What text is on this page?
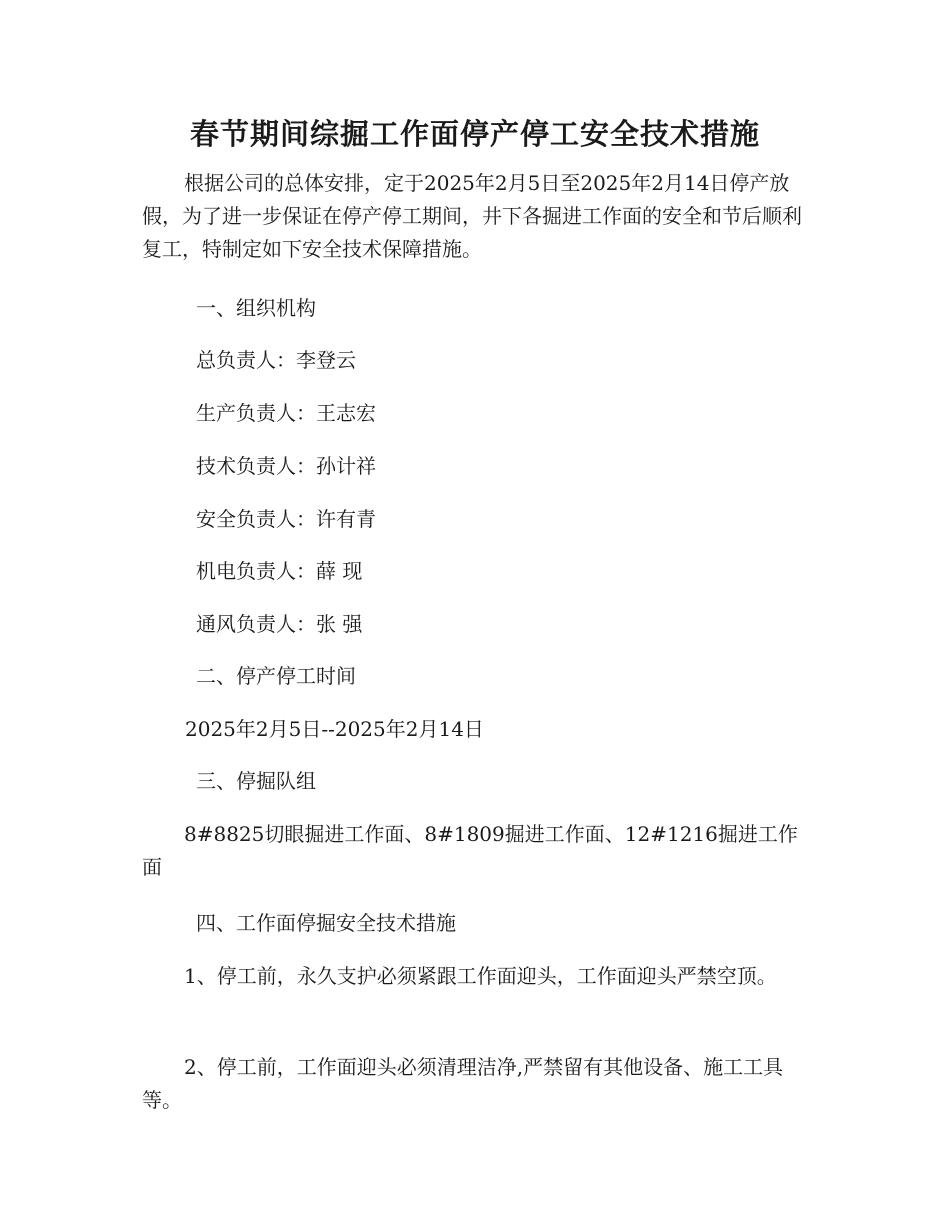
春节期间综掘工作面停产停工安全技术措施

根据公司的总体安排，定于2025年2月5日至2025年2月14日停产放假，为了进一步保证在停产停工期间，井下各掘进工作面的安全和节后顺利复工，特制定如下安全技术保障措施。

一、组织机构

总负责人：李登云

生产负责人：王志宏

技术负责人：孙计祥

安全负责人：许有青

机电负责人：薛 现

通风负责人：张 强

二、停产停工时间

2025年2月5日--2025年2月14日

三、停掘队组

8#8825切眼掘进工作面、8#1809掘进工作面、12#1216掘进工作面

四、工作面停掘安全技术措施

1、停工前，永久支护必须紧跟工作面迎头，工作面迎头严禁空顶。

2、停工前，工作面迎头必须清理洁净,严禁留有其他设备、施工工具等。
